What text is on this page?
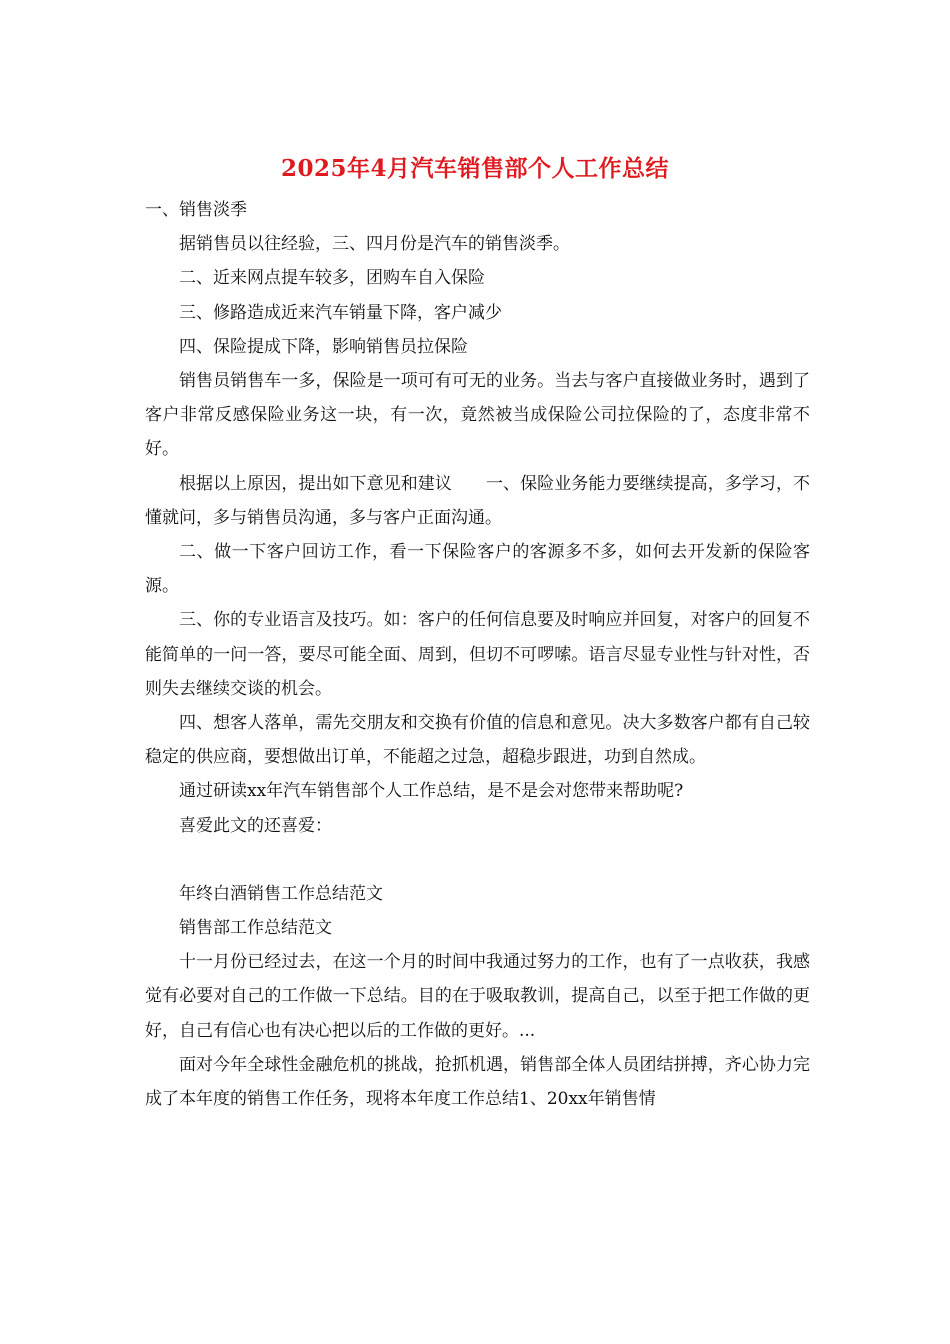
2025年4月汽车销售部个人工作总结

一、销售淡季

据销售员以往经验，三、四月份是汽车的销售淡季。

二、近来网点提车较多，团购车自入保险

三、修路造成近来汽车销量下降，客户减少

四、保险提成下降，影响销售员拉保险

销售员销售车一多，保险是一项可有可无的业务。当去与客户直接做业务时，遇到了客户非常反感保险业务这一块，有一次，竟然被当成保险公司拉保险的了，态度非常不好。

根据以上原因，提出如下意见和建议　　一、保险业务能力要继续提高，多学习，不懂就问，多与销售员沟通，多与客户正面沟通。

二、做一下客户回访工作，看一下保险客户的客源多不多，如何去开发新的保险客源。

三、你的专业语言及技巧。如：客户的任何信息要及时响应并回复，对客户的回复不能简单的一问一答，要尽可能全面、周到，但切不可啰嗦。语言尽显专业性与针对性，否则失去继续交谈的机会。

四、想客人落单，需先交朋友和交换有价值的信息和意见。决大多数客户都有自己较稳定的供应商，要想做出订单，不能超之过急，超稳步跟进，功到自然成。

通过研读xx年汽车销售部个人工作总结，是不是会对您带来帮助呢?

喜爱此文的还喜爱：

年终白酒销售工作总结范文

销售部工作总结范文

十一月份已经过去，在这一个月的时间中我通过努力的工作，也有了一点收获，我感觉有必要对自己的工作做一下总结。目的在于吸取教训，提高自己，以至于把工作做的更好，自己有信心也有决心把以后的工作做的更好。...

面对今年全球性金融危机的挑战，抢抓机遇，销售部全体人员团结拼搏，齐心协力完成了本年度的销售工作任务，现将本年度工作总结1、20xx年销售情
